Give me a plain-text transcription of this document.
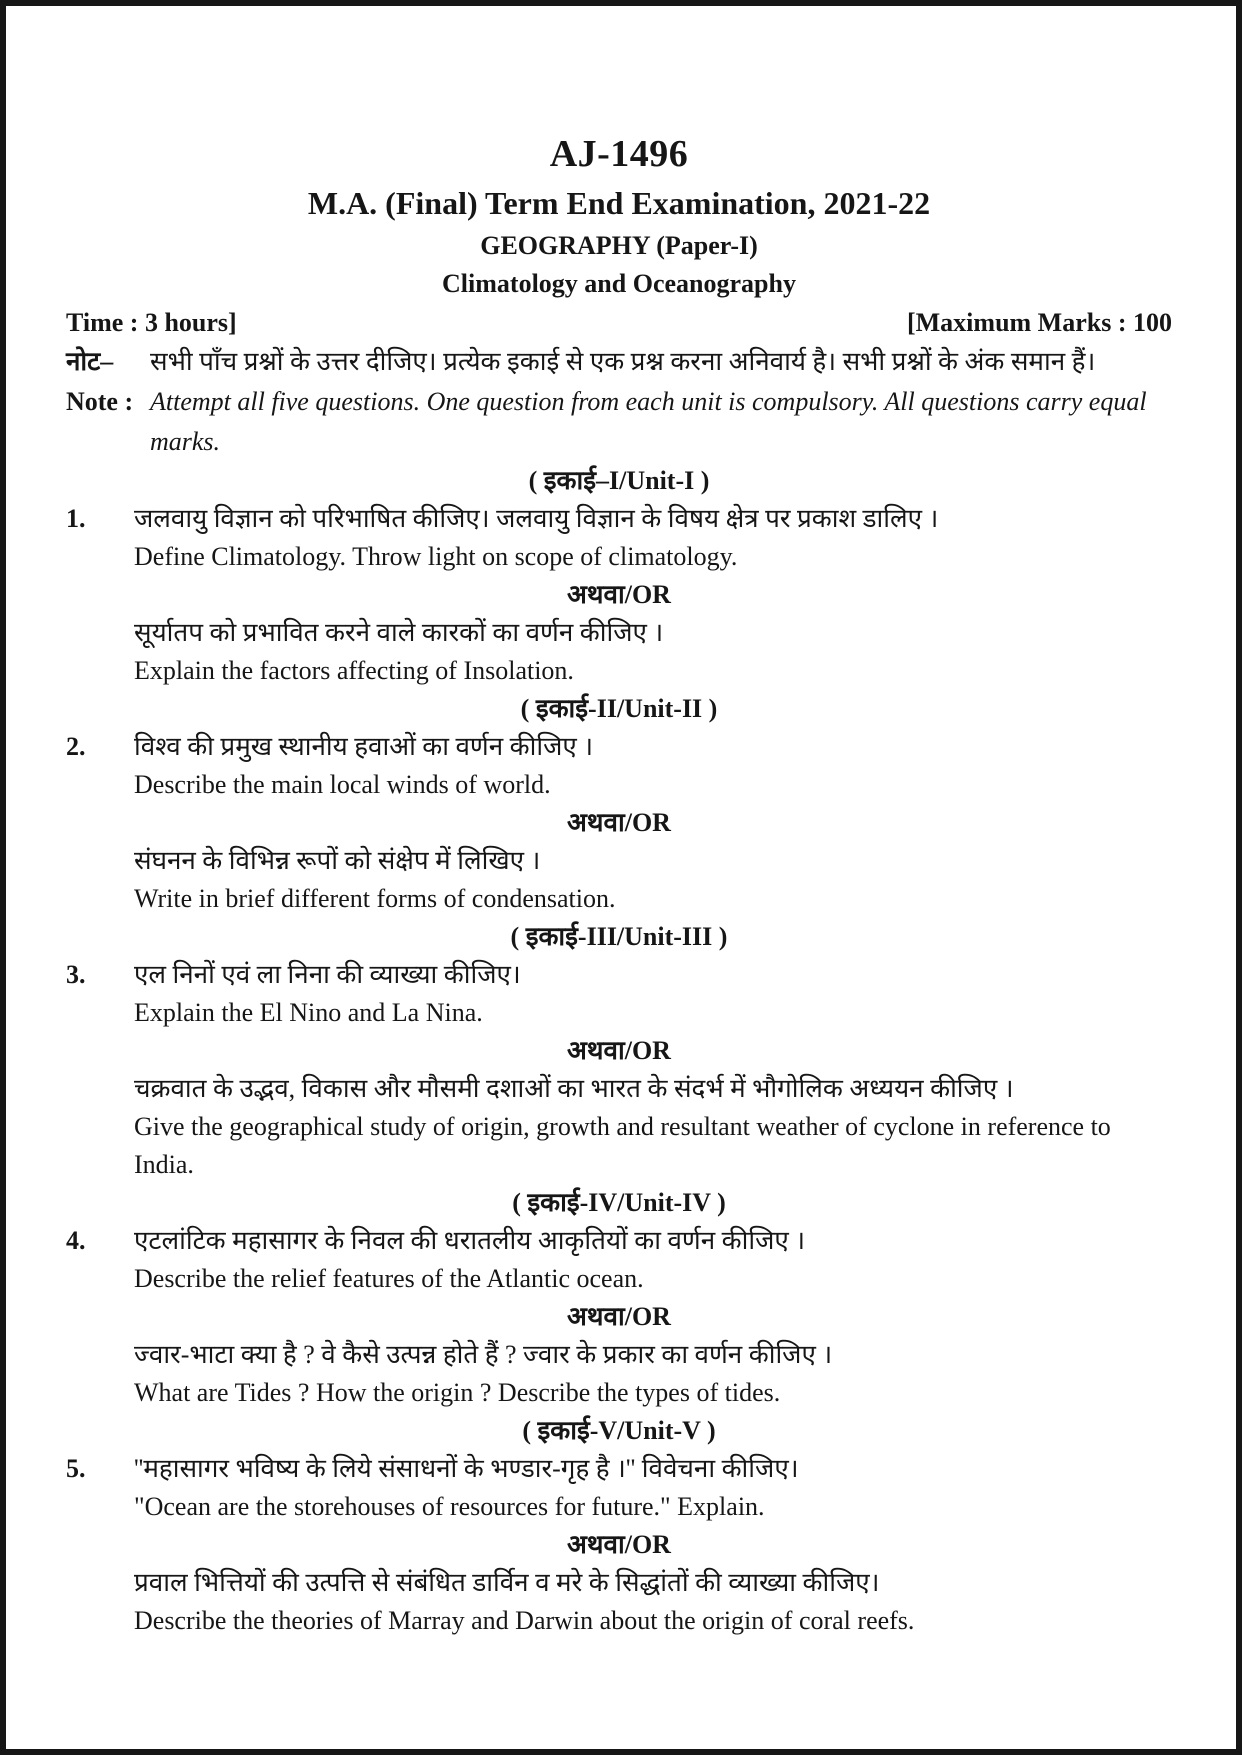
AJ-1496
M.A. (Final) Term End Examination, 2021-22
GEOGRAPHY (Paper-I)
Climatology and Oceanography
Time : 3 hours]	[Maximum Marks : 100
नोट–	सभी पाँच प्रश्नों के उत्तर दीजिए। प्रत्येक इकाई से एक प्रश्न करना अनिवार्य है। सभी प्रश्नों के अंक समान हैं।
Note : Attempt all five questions. One question from each unit is compulsory. All questions carry equal marks.
( इकाई–I/Unit-I )
1.	जलवायु विज्ञान को परिभाषित कीजिए। जलवायु विज्ञान के विषय क्षेत्र पर प्रकाश डालिए ।
Define Climatology. Throw light on scope of climatology.
अथवा/OR
सूर्यातप को प्रभावित करने वाले कारकों का वर्णन कीजिए ।
Explain the factors affecting of Insolation.
( इकाई-II/Unit-II )
2.	विश्व की प्रमुख स्थानीय हवाओं का वर्णन कीजिए ।
Describe the main local winds of world.
अथवा/OR
संघनन के विभिन्न रूपों को संक्षेप में लिखिए ।
Write in brief different forms of condensation.
( इकाई-III/Unit-III )
3.	एल निनों एवं ला निना की व्याख्या कीजिए।
Explain the El Nino and La Nina.
अथवा/OR
चक्रवात के उद्भव, विकास और मौसमी दशाओं का भारत के संदर्भ में भौगोलिक अध्ययन कीजिए ।
Give the geographical study of origin, growth and resultant weather of cyclone in reference to India.
( इकाई-IV/Unit-IV )
4.	एटलांटिक महासागर के निवल की धरातलीय आकृतियों का वर्णन कीजिए ।
Describe the relief features of the Atlantic ocean.
अथवा/OR
ज्वार-भाटा क्या है ? वे कैसे उत्पन्न होते हैं ? ज्वार के प्रकार का वर्णन कीजिए ।
What are Tides ? How the origin ? Describe the types of tides.
( इकाई-V/Unit-V )
5.	''महासागर भविष्य के लिये संसाधनों के भण्डार-गृह है ।'' विवेचना कीजिए।
"Ocean are the storehouses of resources for future." Explain.
अथवा/OR
प्रवाल भित्तियों की उत्पत्ति से संबंधित डार्विन व मरे के सिद्धांतों की व्याख्या कीजिए।
Describe the theories of Marray and Darwin about the origin of coral reefs.
